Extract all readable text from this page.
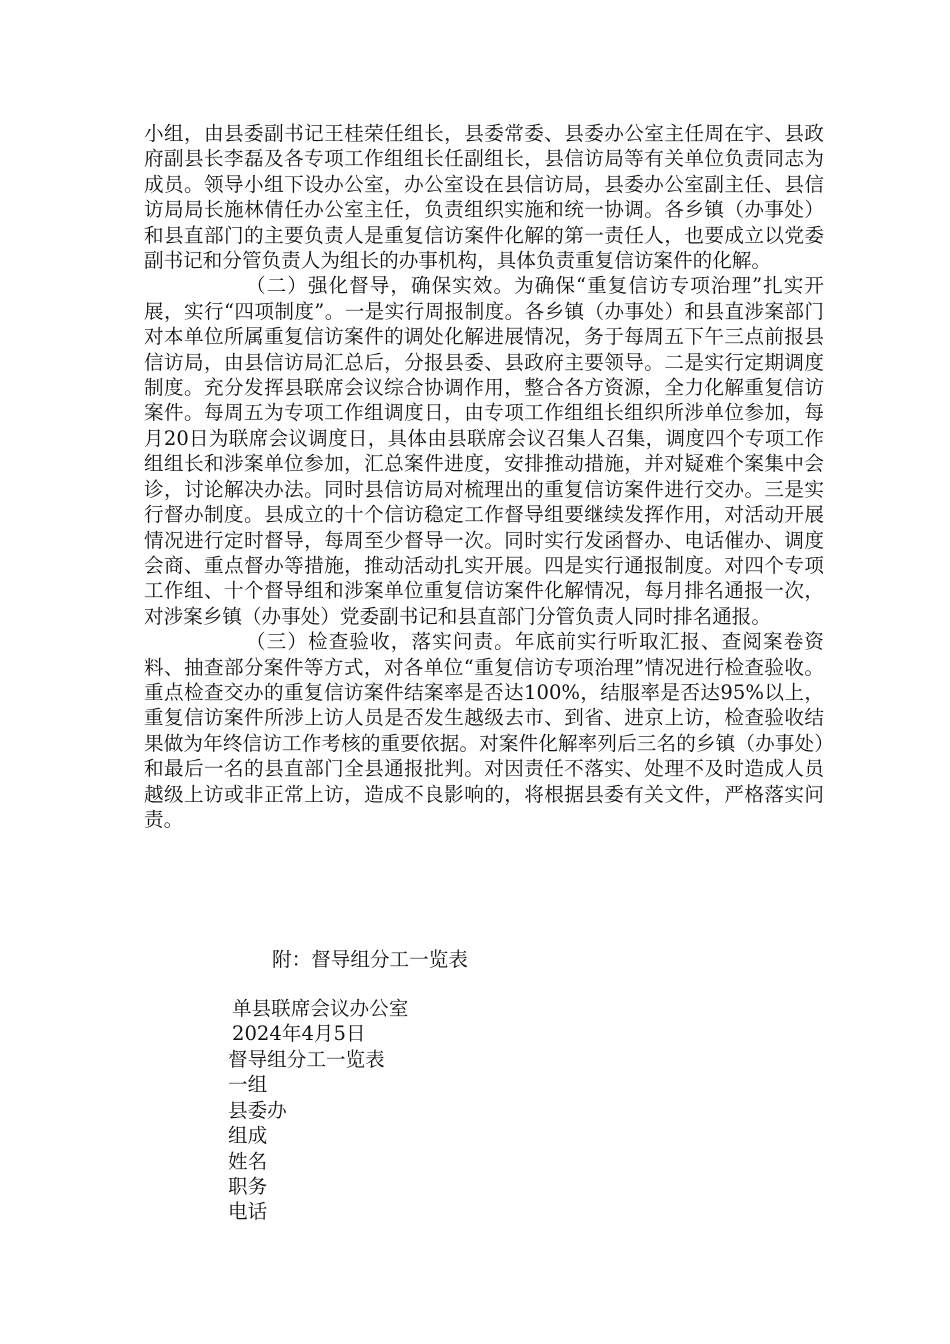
小组，由县委副书记王桂荣任组长，县委常委、县委办公室主任周在宇、县政府副县长李磊及各专项工作组组长任副组长，县信访局等有关单位负责同志为成员。领导小组下设办公室，办公室设在县信访局，县委办公室副主任、县信访局局长施林倩任办公室主任，负责组织实施和统一协调。各乡镇（办事处）和县直部门的主要负责人是重复信访案件化解的第一责任人，也要成立以党委副书记和分管负责人为组长的办事机构，具体负责重复信访案件的化解。

（二）强化督导，确保实效。为确保“重复信访专项治理”扎实开展，实行“四项制度”。一是实行周报制度。各乡镇（办事处）和县直涉案部门对本单位所属重复信访案件的调处化解进展情况，务于每周五下午三点前报县信访局，由县信访局汇总后，分报县委、县政府主要领导。二是实行定期调度制度。充分发挥县联席会议综合协调作用，整合各方资源，全力化解重复信访案件。每周五为专项工作组调度日，由专项工作组组长组织所涉单位参加，每月20日为联席会议调度日，具体由县联席会议召集人召集，调度四个专项工作组组长和涉案单位参加，汇总案件进度，安排推动措施，并对疑难个案集中会诊，讨论解决办法。同时县信访局对梳理出的重复信访案件进行交办。三是实行督办制度。县成立的十个信访稳定工作督导组要继续发挥作用，对活动开展情况进行定时督导，每周至少督导一次。同时实行发函督办、电话催办、调度会商、重点督办等措施，推动活动扎实开展。四是实行通报制度。对四个专项工作组、十个督导组和涉案单位重复信访案件化解情况，每月排名通报一次，对涉案乡镇（办事处）党委副书记和县直部门分管负责人同时排名通报。

（三）检查验收，落实问责。年底前实行听取汇报、查阅案卷资料、抽查部分案件等方式，对各单位“重复信访专项治理”情况进行检查验收。重点检查交办的重复信访案件结案率是否达100%，结服率是否达95%以上，重复信访案件所涉上访人员是否发生越级去市、到省、进京上访，检查验收结果做为年终信访工作考核的重要依据。对案件化解率列后三名的乡镇（办事处）和最后一名的县直部门全县通报批判。对因责任不落实、处理不及时造成人员越级上访或非正常上访，造成不良影响的，将根据县委有关文件，严格落实问责。

附：督导组分工一览表
单县联席会议办公室
2024年4月5日
督导组分工一览表
一组
县委办
组成
姓名
职务
电话
